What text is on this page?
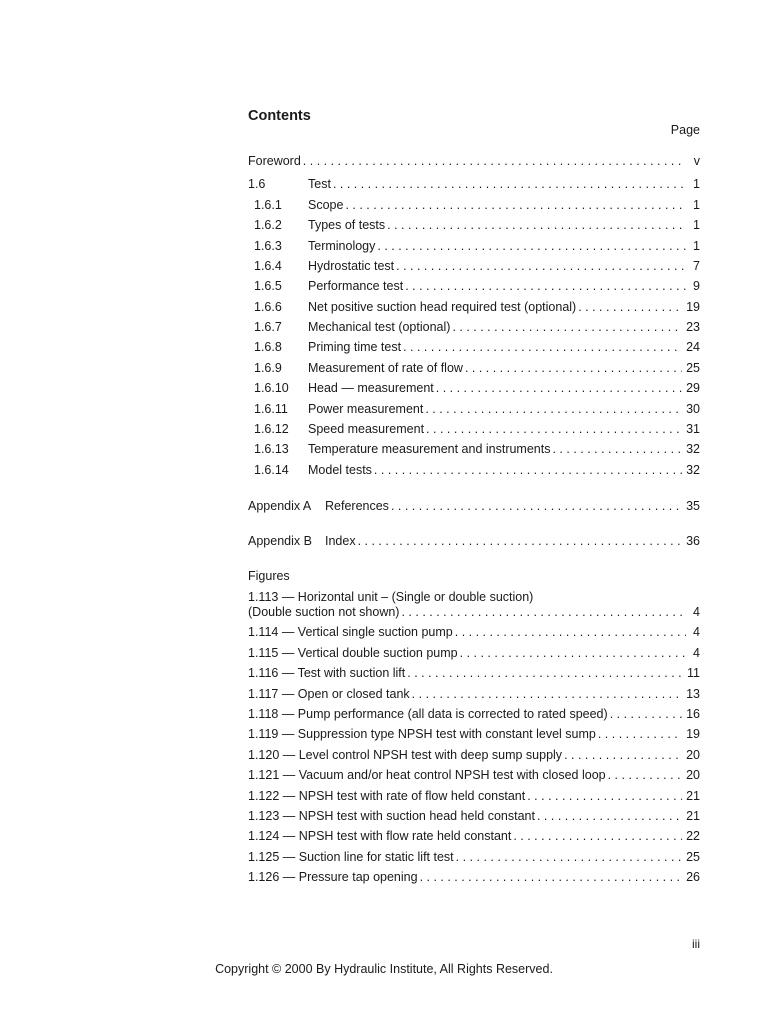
Contents
Page
Foreword . . .	v
1.6	Test . . .	1
1.6.1	Scope . . .	1
1.6.2	Types of tests . . .	1
1.6.3	Terminology . . .	1
1.6.4	Hydrostatic test . . .	7
1.6.5	Performance test . . .	9
1.6.6	Net positive suction head required test (optional) . . .	19
1.6.7	Mechanical test (optional) . . .	23
1.6.8	Priming time test . . .	24
1.6.9	Measurement of rate of flow . . .	25
1.6.10	Head — measurement . . .	29
1.6.11	Power measurement . . .	30
1.6.12	Speed measurement . . .	31
1.6.13	Temperature measurement and instruments . . .	32
1.6.14	Model tests . . .	32
Appendix A	References . . .	35
Appendix B	Index . . .	36
Figures
1.113 — Horizontal unit – (Single or double suction)
(Double suction not shown) . . .	4
1.114 — Vertical single suction pump . . .	4
1.115 — Vertical double suction pump . . .	4
1.116 — Test with suction lift . . .	11
1.117 — Open or closed tank . . .	13
1.118 — Pump performance (all data is corrected to rated speed) . . .	16
1.119 — Suppression type NPSH test with constant level sump . . .	19
1.120 — Level control NPSH test with deep sump supply . . .	20
1.121 — Vacuum and/or heat control NPSH test with closed loop . . .	20
1.122 — NPSH test with rate of flow held constant . . .	21
1.123 — NPSH test with suction head held constant . . .	21
1.124 — NPSH test with flow rate held constant . . .	22
1.125 — Suction line for static lift test . . .	25
1.126 — Pressure tap opening . . .	26
iii
Copyright © 2000 By Hydraulic Institute, All Rights Reserved.
